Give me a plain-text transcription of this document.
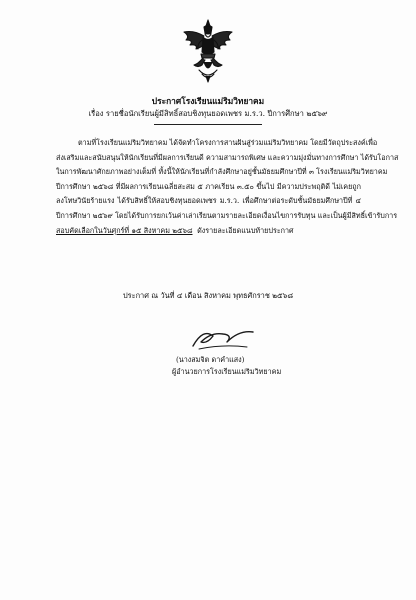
ประกาศโรงเรียนแม่ริมวิทยาคม
เรื่อง รายชื่อนักเรียนผู้มีสิทธิ์สอบชิงทุนยอดเพชร ม.ร.ว. ปีการศึกษา ๒๕๖๙
ตามที่โรงเรียนแม่ริมวิทยาคม ได้จัดทำโครงการสานฝันสู่ร่วมแม่ริมวิทยาคม โดยมีวัตถุประสงค์เพื่อ
ส่งเสริมและสนับสนุนให้นักเรียนที่มีผลการเรียนดี ความสามารถพิเศษ และความมุ่งมั่นทางการศึกษา ได้รับโอกาส
ในการพัฒนาศักยภาพอย่างเต็มที่ ทั้งนี้ให้นักเรียนที่กำลังศึกษาอยู่ชั้นมัธยมศึกษาปีที่ ๓ โรงเรียนแม่ริมวิทยาคม
ปีการศึกษา ๒๕๖๘ ที่มีผลการเรียนเฉลี่ยสะสม ๕ ภาคเรียน ๓.๕๐ ขึ้นไป มีความประพฤติดี ไม่เคยถูก
ลงโทษวินัยร้ายแรง ได้รับสิทธิ์ให้สอบชิงทุนยอดเพชร ม.ร.ว. เพื่อศึกษาต่อระดับชั้นมัธยมศึกษาปีที่ ๔
ปีการศึกษา ๒๕๖๙ โดยได้รับการยกเว้นค่าเล่าเรียนตามรายละเอียดเงื่อนไขการรับทุน และเป็นผู้มีสิทธิ์เข้ารับการ
สอบคัดเลือกในวันศุกร์ที่ ๑๕ สิงหาคม ๒๕๖๘ ดังรายละเอียดแนบท้ายประกาศ
ประกาศ ณ วันที่ ๔ เดือน สิงหาคม พุทธศักราช ๒๕๖๘
(นางสมจิต ดาคำแสง)
ผู้อำนวยการโรงเรียนแม่ริมวิทยาคม
